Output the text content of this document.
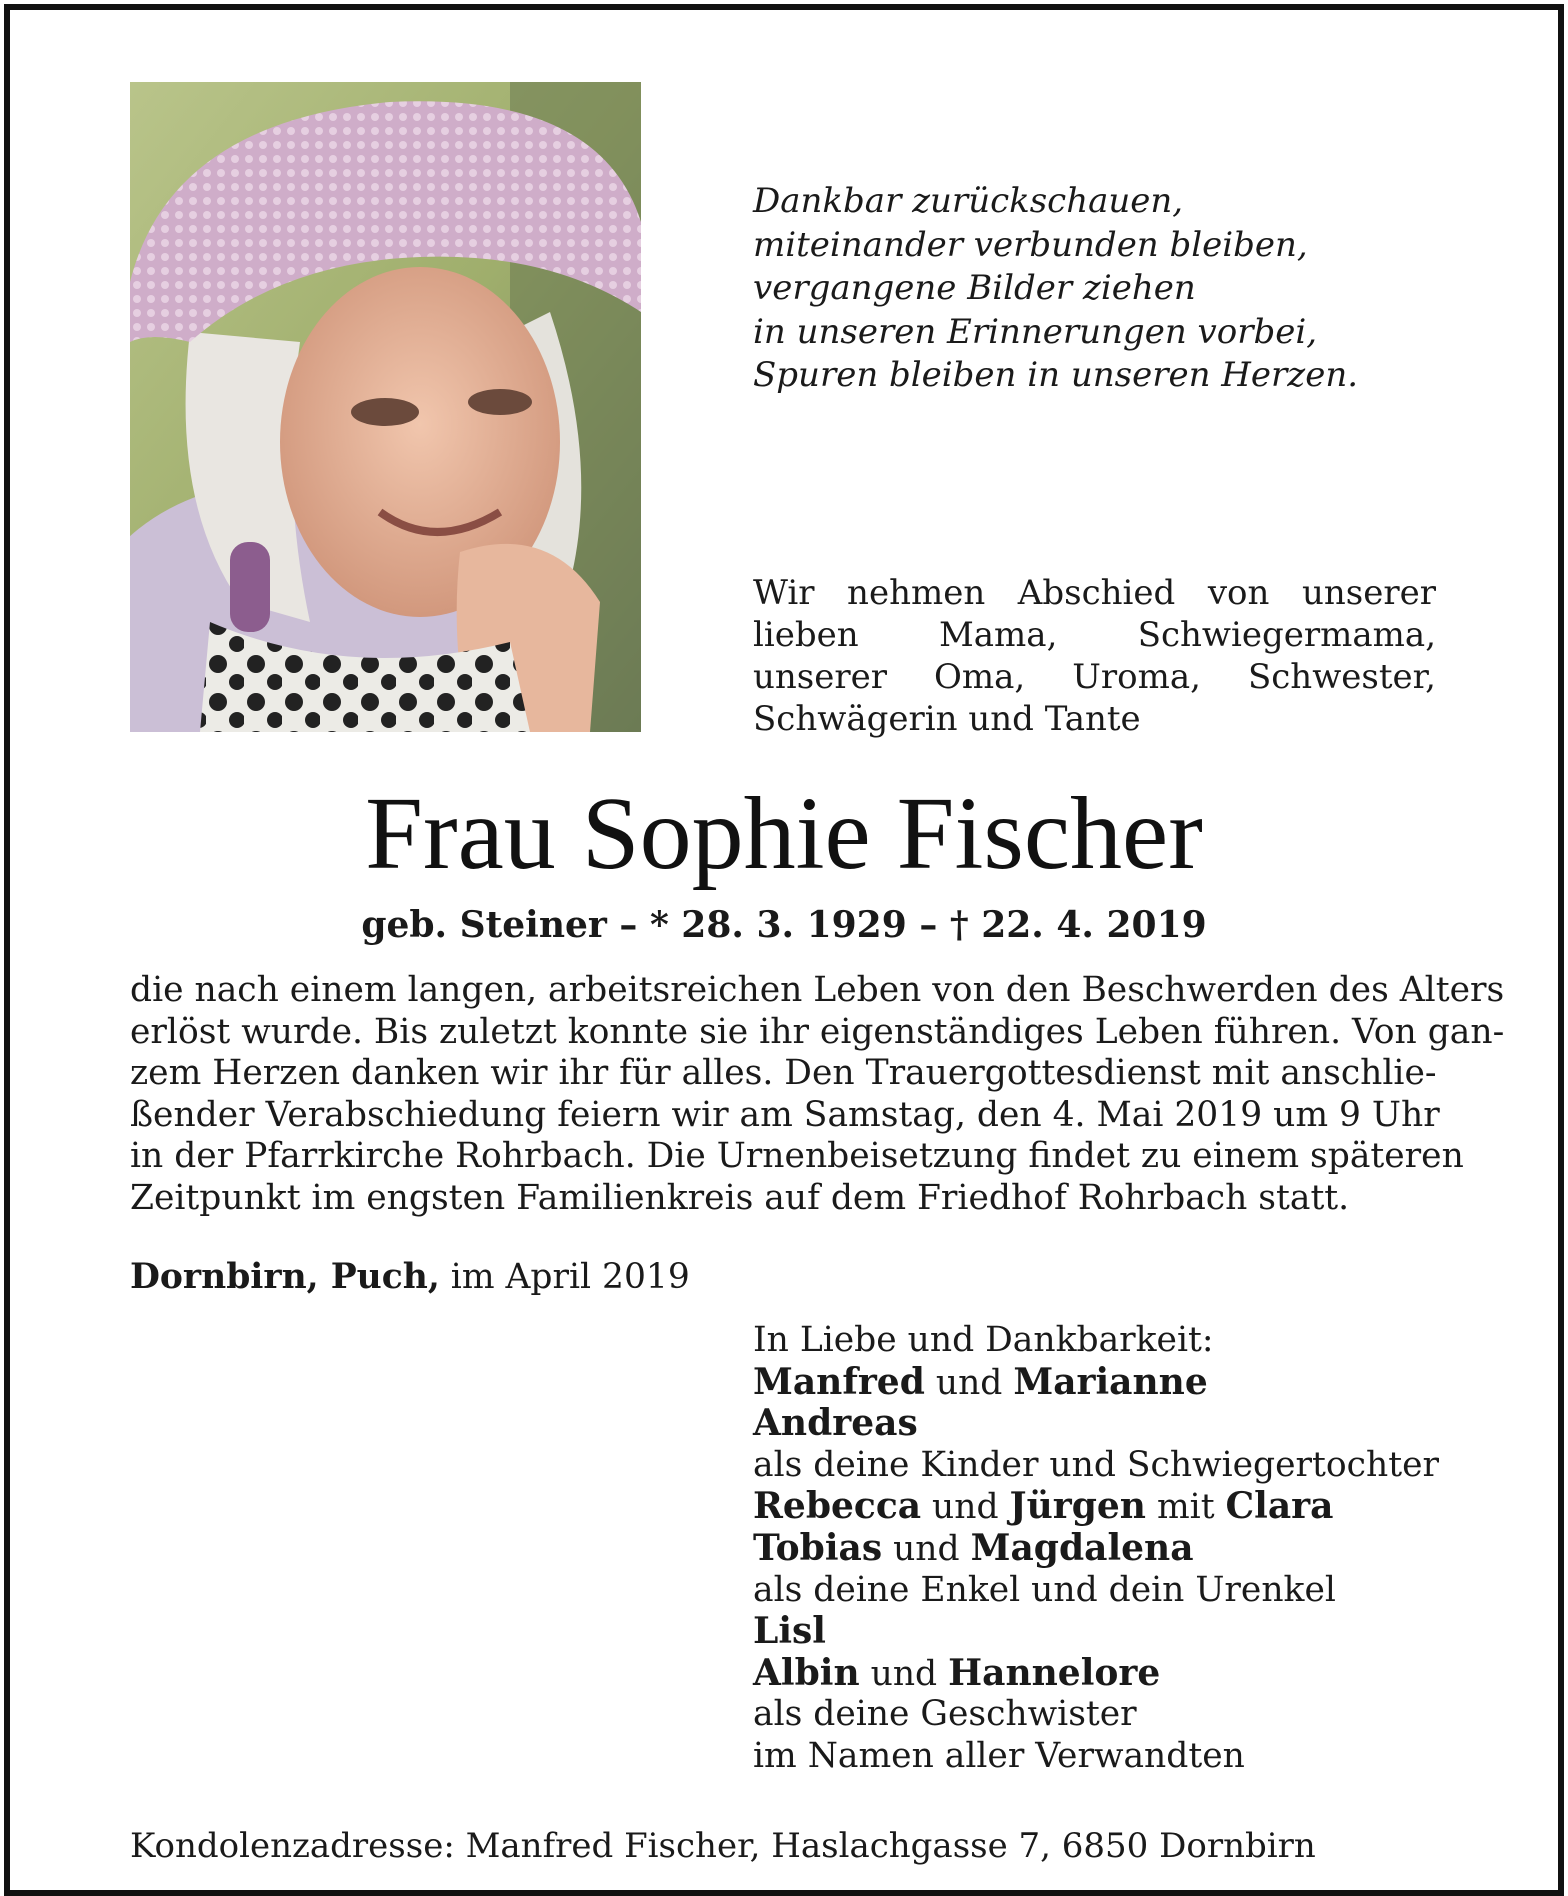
Dankbar zurückschauen,
miteinander verbunden bleiben,
vergangene Bilder ziehen
in unseren Erinnerungen vorbei,
Spuren bleiben in unseren Herzen.
Wir nehmen Abschied von unserer lieben Mama, Schwiegermama, unserer Oma, Uroma, Schwester, Schwägerin und Tante
Frau Sophie Fischer
geb. Steiner – * 28. 3. 1929 – † 22. 4. 2019
die nach einem langen, arbeitsreichen Leben von den Beschwerden des Alters
erlöst wurde. Bis zuletzt konnte sie ihr eigenständiges Leben führen. Von gan-
zem Herzen danken wir ihr für alles. Den Trauergottesdienst mit anschlie-
ßender Verabschiedung feiern wir am Samstag, den 4. Mai 2019 um 9 Uhr
in der Pfarrkirche Rohrbach. Die Urnenbeisetzung findet zu einem späteren
Zeitpunkt im engsten Familienkreis auf dem Friedhof Rohrbach statt.
Dornbirn, Puch, im April 2019
In Liebe und Dankbarkeit:
Manfred und Marianne
Andreas
als deine Kinder und Schwiegertochter
Rebecca und Jürgen mit Clara
Tobias und Magdalena
als deine Enkel und dein Urenkel
Lisl
Albin und Hannelore
als deine Geschwister
im Namen aller Verwandten
Kondolenzadresse: Manfred Fischer, Haslachgasse 7, 6850 Dornbirn
